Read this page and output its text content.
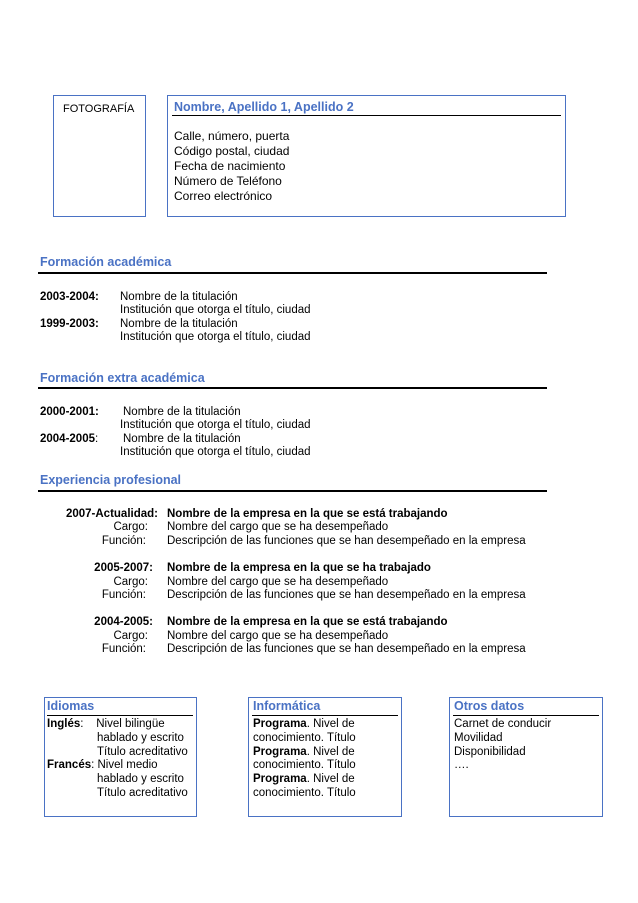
FOTOGRAFÍA	Nombre, Apellido 1, Apellido 2
Calle, número, puerta
Código postal, ciudad
Fecha de nacimiento
Número de Teléfono
Correo electrónico
Formación académica
2003-2004: Nombre de la titulación
Institución que otorga el título, ciudad
1999-2003: Nombre de la titulación
Institución que otorga el título, ciudad
Formación extra académica
2000-2001: Nombre de la titulación
Institución que otorga el título, ciudad
2004-2005: Nombre de la titulación
Institución que otorga el título, ciudad
Experiencia profesional
2007-Actualidad: Nombre de la empresa en la que se está trabajando
Cargo: Nombre del cargo que se ha desempeñado
Función: Descripción de las funciones que se han desempeñado en la empresa
2005-2007: Nombre de la empresa en la que se ha trabajado
Cargo: Nombre del cargo que se ha desempeñado
Función: Descripción de las funciones que se han desempeñado en la empresa
2004-2005: Nombre de la empresa en la que se está trabajando
Cargo: Nombre del cargo que se ha desempeñado
Función: Descripción de las funciones que se han desempeñado en la empresa
Idiomas
Inglés:    Nivel bilingüe
hablado y escrito
Título acreditativo
Francés: Nivel medio
hablado y escrito
Título acreditativo
Informática
Programa. Nivel de
conocimiento. Título
Programa. Nivel de
conocimiento. Título
Programa. Nivel de
conocimiento. Título
Otros datos
Carnet de conducir
Movilidad
Disponibilidad
….
